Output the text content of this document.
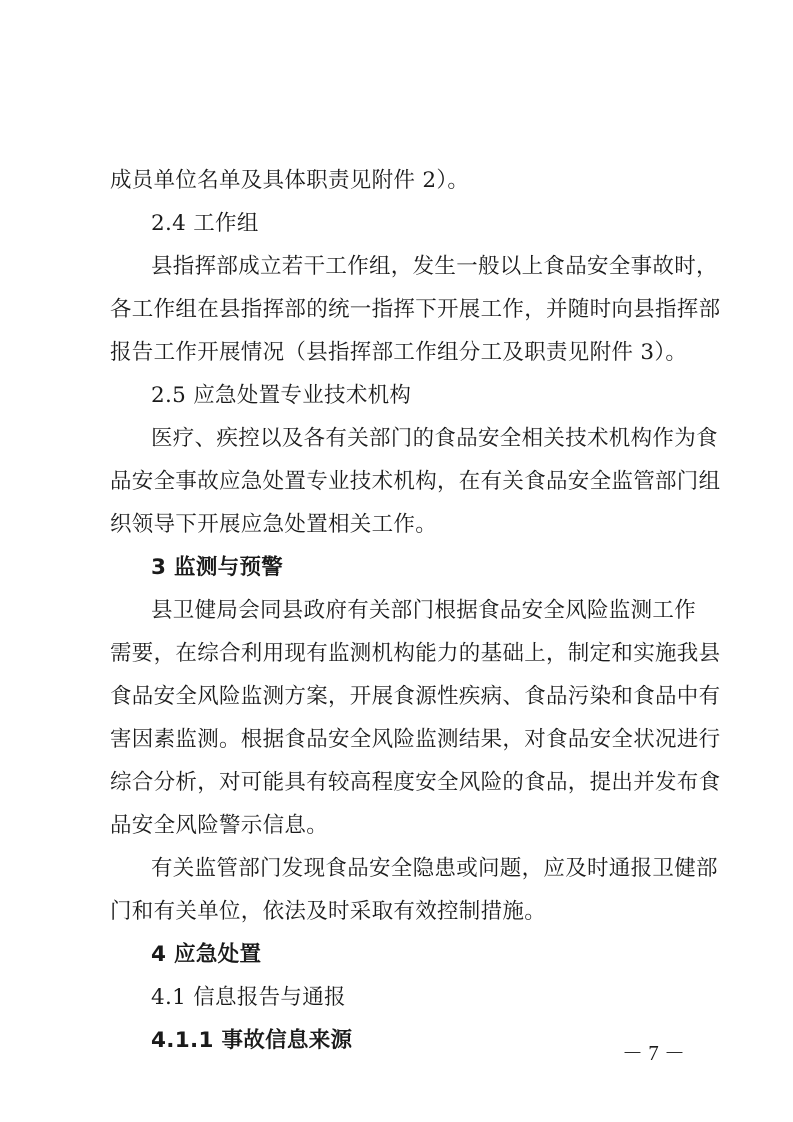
成员单位名单及具体职责见附件 2）。

2.4 工作组

县指挥部成立若干工作组，发生一般以上食品安全事故时，

各工作组在县指挥部的统一指挥下开展工作，并随时向县指挥部

报告工作开展情况（县指挥部工作组分工及职责见附件 3）。

2.5 应急处置专业技术机构

医疗、疾控以及各有关部门的食品安全相关技术机构作为食

品安全事故应急处置专业技术机构，在有关食品安全监管部门组

织领导下开展应急处置相关工作。

3 监测与预警

县卫健局会同县政府有关部门根据食品安全风险监测工作

需要，在综合利用现有监测机构能力的基础上，制定和实施我县

食品安全风险监测方案，开展食源性疾病、食品污染和食品中有

害因素监测。根据食品安全风险监测结果，对食品安全状况进行

综合分析，对可能具有较高程度安全风险的食品，提出并发布食

品安全风险警示信息。

有关监管部门发现食品安全隐患或问题，应及时通报卫健部

门和有关单位，依法及时采取有效控制措施。

4 应急处置

4.1 信息报告与通报

4.1.1 事故信息来源	－ 7 －
